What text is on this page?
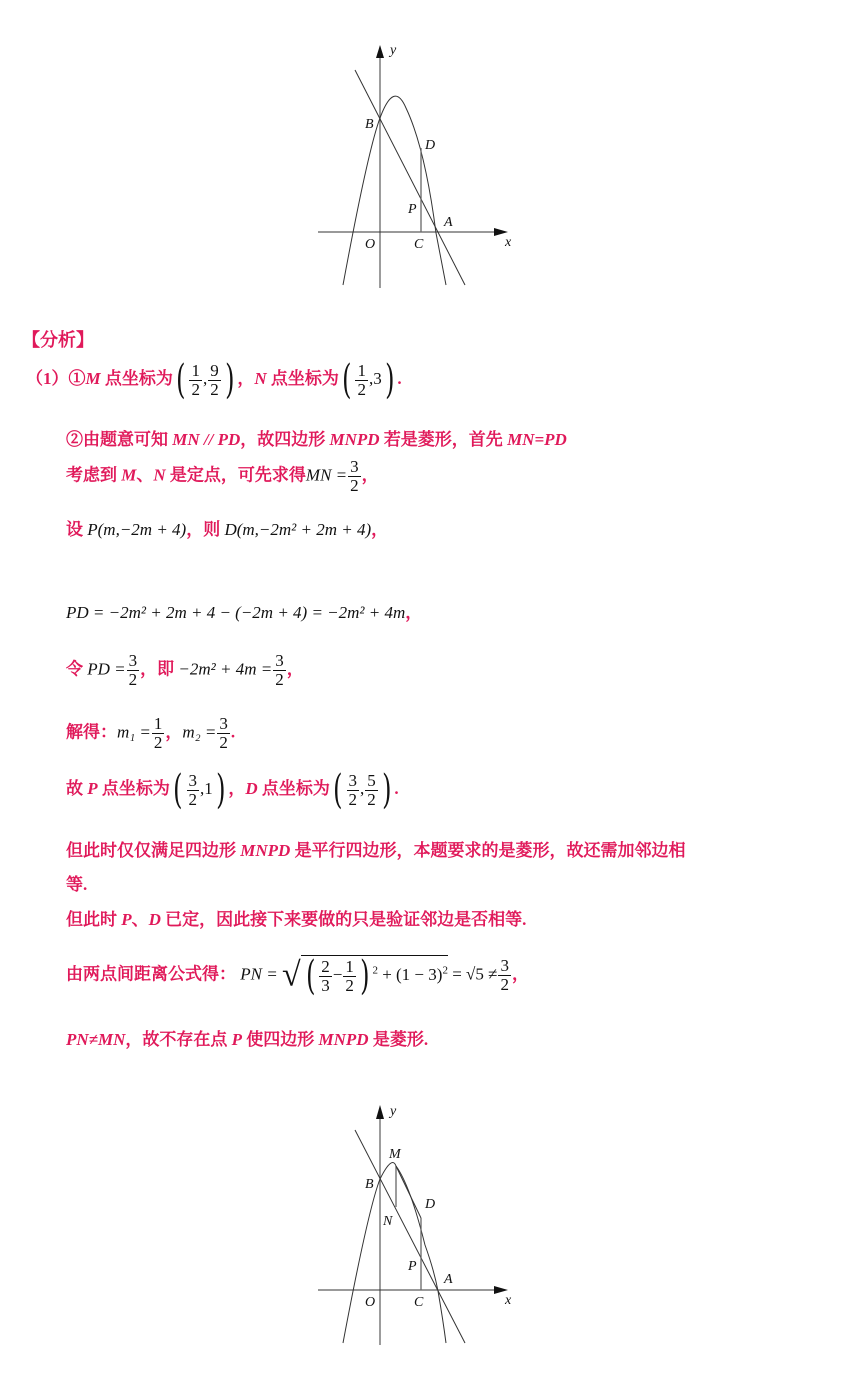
y
x
B
D
P
A
O	C
【分析】
（1）①M 点坐标为( $\frac{1}{2}$ , $\frac{9}{2}$ ) ，N 点坐标为( $\frac{1}{2} ,3$) .
②由题意可知 MN // PD，故四边形 MNPD 若是菱形，首先 MN=PD
考虑到 M、N 是定点，可先求得MN = $\frac{3}{2}$ ，
设 P(m,−2m + 4)，则 D(m,−2m² + 2m + 4)，
PD = −2m² + 2m + 4 − (−2m + 4) = −2m² + 4m，
令 PD = $\frac{3}{2}$ ，即 $-2m^2 + 4m = \frac{3}{2}$ ，
解得：$m_1 = \frac{1}{2}$ ，$m_2 = \frac{3}{2}$ .
故 P 点坐标为( $\frac{3}{2} ,1$) ，D 点坐标为( $\frac{3}{2}$ , $\frac{5}{2}$ ) .
但此时仅仅满足四边形 MNPD 是平行四边形，本题要求的是菱形，故还需加邻边相
等.
但此时 P、D 已定，因此接下来要做的只是验证邻边是否相等.
由两点间距离公式得： PN = √ ( $\frac{2}{3} - \frac{1}{2}$ ) $^2 + (1 - 3)^2 = √5 \ne \frac{3}{2}$ ，
PN≠MN，故不存在点 P 使四边形 MNPD 是菱形.
y
x
M
B
N
D
P
A
O	C
